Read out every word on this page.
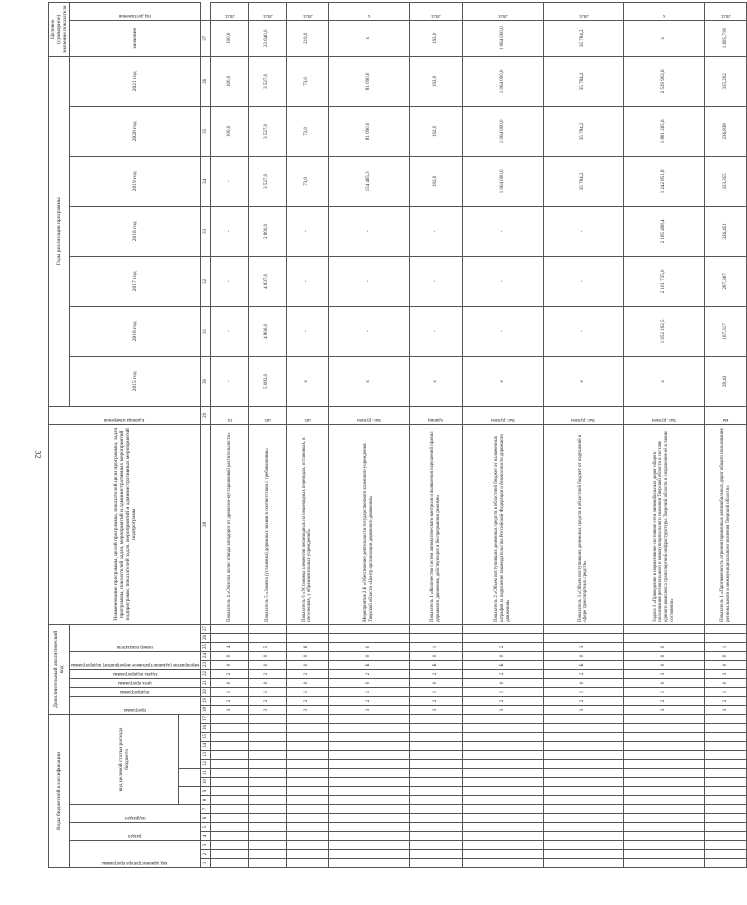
32
Коды бюджетной классификации																	Дополнительный аналитический код										Наименование программы, целей программы, показателей цели программы, задач программы, показателей задач, мероприятий и административных мероприятий подпрограмм, показателей задач, мероприятий и административных мероприятий подпрограмм	Единица измерения	Годы реализации программы							Целевое (суммарное) значение показателя	

код администратора программы			раздел		подраздел		код целевой статьи расхода бюджета										программа		подпрограмма	цель программы	задача подпрограммы	мероприятие (административное мероприятие) подпрограммы		номер показателя					2015 год	2016 год	2017 год	2018 год	2019 год	2020 год	2021 год	значение	год достижения

1	2	3	4	5	6	7	8	9	10	11	12	13	14	15	16	17	18	19	20	21	22	23	24	25	26	27	28	29	30	31	32	33	34	35	36	37	
																	3	2	1	0	2	0	0	4			Показатель 4 «Очистка полос отвода автодорог от древесно-кустарниковой растительности»	га	-	-	-	-	-	100,0	100,0	100,0	2021

																	3	2	1	0	2	0	0	5			Показатель 5 «Замена (установка) дорожных знаков в соответствии с требованиями»	шт.	5 082,0	4 800,0	4 837,0	2 800,0	3 527,0	3 527,0	3 527,0	23 640,0	2021

																	3	2	1	0	2	0	0	6			Показатель 6 «Установка элементов пешеходных на пешеходных переходах, остановках, в поселениях, у образовательных учреждений»	шт.	x	-	-	-	73,0	73,0	73,0	219,0	2021

																	3	2	1	0	2	Б	0	0			Мероприятие 2.Б «Обеспечение деятельности государственного казенного учреждения Тверской области «Центр организации дорожного движения»	тыс. рублей	x	-	-	-	154 465,3	81 090,0	81 090,0	x	x

																	3	2	1	0	2	Б	0	1			Показатель 1 «Количество систем автоматического контроля и выявления нарушений правил дорожного движения, действующих в беспрерывном режиме»	единиц	x	-	-	-	192,0	192,0	192,0	192,0	2021

																	3	2	1	0	2	Б	0	2			Показатель 2 «Объем поступивших денежных средств в областной бюджет от наложенных штрафов за нарушение законодательства Российской Федерации о безопасности дорожного движения»	тыс. рублей	x	-	-	-	1 064 000,0	1 064 000,0	1 064 000,0	1 064 000,0	2021

																	3	2	1	0	2	Б	0	3			Показатель 3 «Объем поступивших денежных средств в областной бюджет от нарушений в сфере транспортных средств»	тыс. рублей	x	-	-	-	35 784,2	35 784,2	35 784,2	35 784,2	2021

																	3	2	1	0	3	0	0	0			Задача 3 «Приведение в нормативное состояние сети автомобильных дорог общего пользования регионального и межмуниципального значения Тверской области в составе единого комплекса транспортной инфраструктуры Тверской области и сохранение её в таком состоянии»	тыс. рублей	x	1 052 192,5	2 101 735,0	2 185 498,4	1 242 851,8	1 881 265,6	2 539 902,6	x	x

																	3	2	1	0	3	0	0	1			Показатель 1 «Протяженность отремонтированных автомобильных дорог общего пользования регионального и межмуниципального значения Тверской области»	км	28,43	167,317	287,367	326,451	323,355	236,838	335,292	1 695,718	2021
